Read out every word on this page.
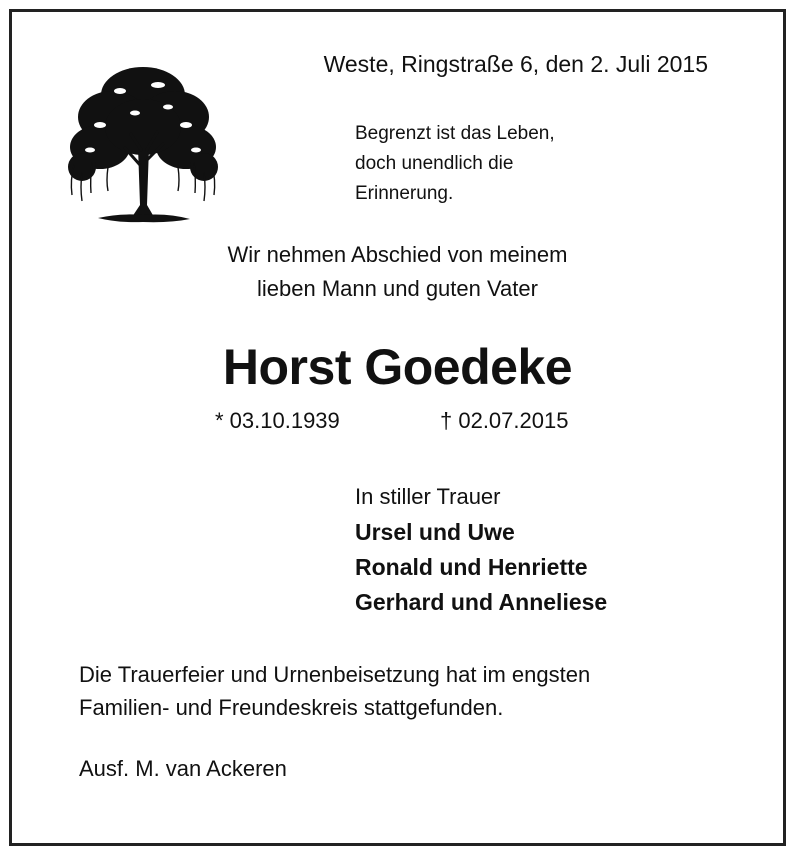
Weste, Ringstraße 6, den 2. Juli 2015
Begrenzt ist das Leben,
doch unendlich die
Erinnerung.
Wir nehmen Abschied von meinem
lieben Mann und guten Vater
Horst Goedeke
* 03.10.1939	† 02.07.2015
In stiller Trauer
Ursel und Uwe
Ronald und Henriette
Gerhard und Anneliese
Die Trauerfeier und Urnenbeisetzung hat im engsten
Familien- und Freundeskreis stattgefunden.
Ausf. M. van Ackeren
